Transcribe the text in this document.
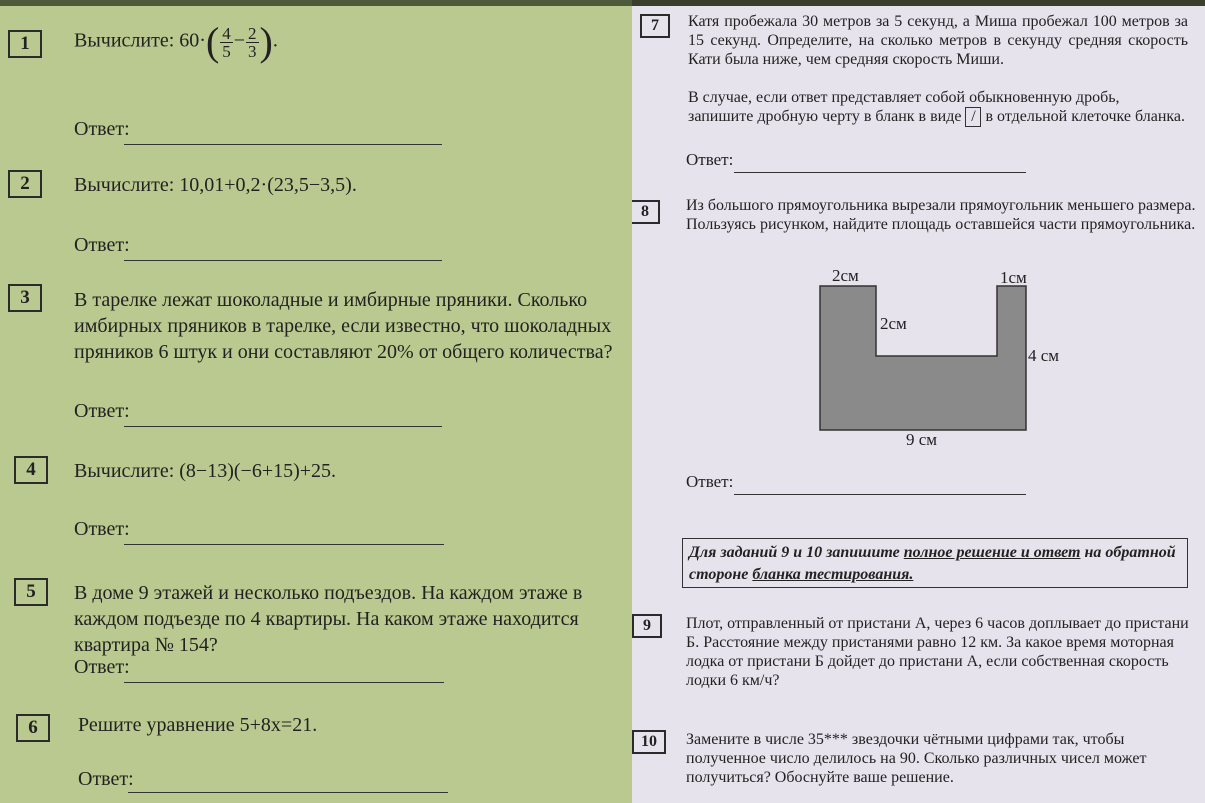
1	Вычислите: $60\cdot( \frac{4}{5} - \frac{2}{3}$ ).
Ответ:
2	Вычислите: 10,01+0,2·(23,5−3,5).
Ответ:
3	В тарелке лежат шоколадные и имбирные пряники. Сколько имбирных пряников в тарелке, если известно, что шоколадных пряников 6 штук и они составляют 20% от общего количества?
Ответ:
4	Вычислите: (8−13)(−6+15)+25.
Ответ:
5	В доме 9 этажей и несколько подъездов. На каждом этаже в каждом подъезде по 4 квартиры. На каком этаже находится квартира № 154?
Ответ:
6	Решите уравнение 5+8x=21.
Ответ:
7	Катя пробежала 30 метров за 5 секунд, а Миша пробежал 100 метров за 15 секунд. Определите, на сколько метров в секунду средняя скорость Кати была ниже, чем средняя скорость Миши.
В случае, если ответ представляет собой обыкновенную дробь, запишите дробную черту в бланк в виде / в отдельной клеточке бланка.
Ответ:
8	Из большого прямоугольника вырезали прямоугольник меньшего размера. Пользуясь рисунком, найдите площадь оставшейся части прямоугольника.
2см	1см
2см
4 см
9 см
Ответ:
Для заданий 9 и 10 запишите полное решение и ответ на обратной стороне бланка тестирования.
9	Плот, отправленный от пристани А, через 6 часов доплывает до пристани Б. Расстояние между пристанями равно 12 км. За какое время моторная лодка от пристани Б дойдет до пристани А, если собственная скорость лодки 6 км/ч?
10	Замените в числе 35*** звездочки чётными цифрами так, чтобы полученное число делилось на 90. Сколько различных чисел может получиться? Обоснуйте ваше решение.
